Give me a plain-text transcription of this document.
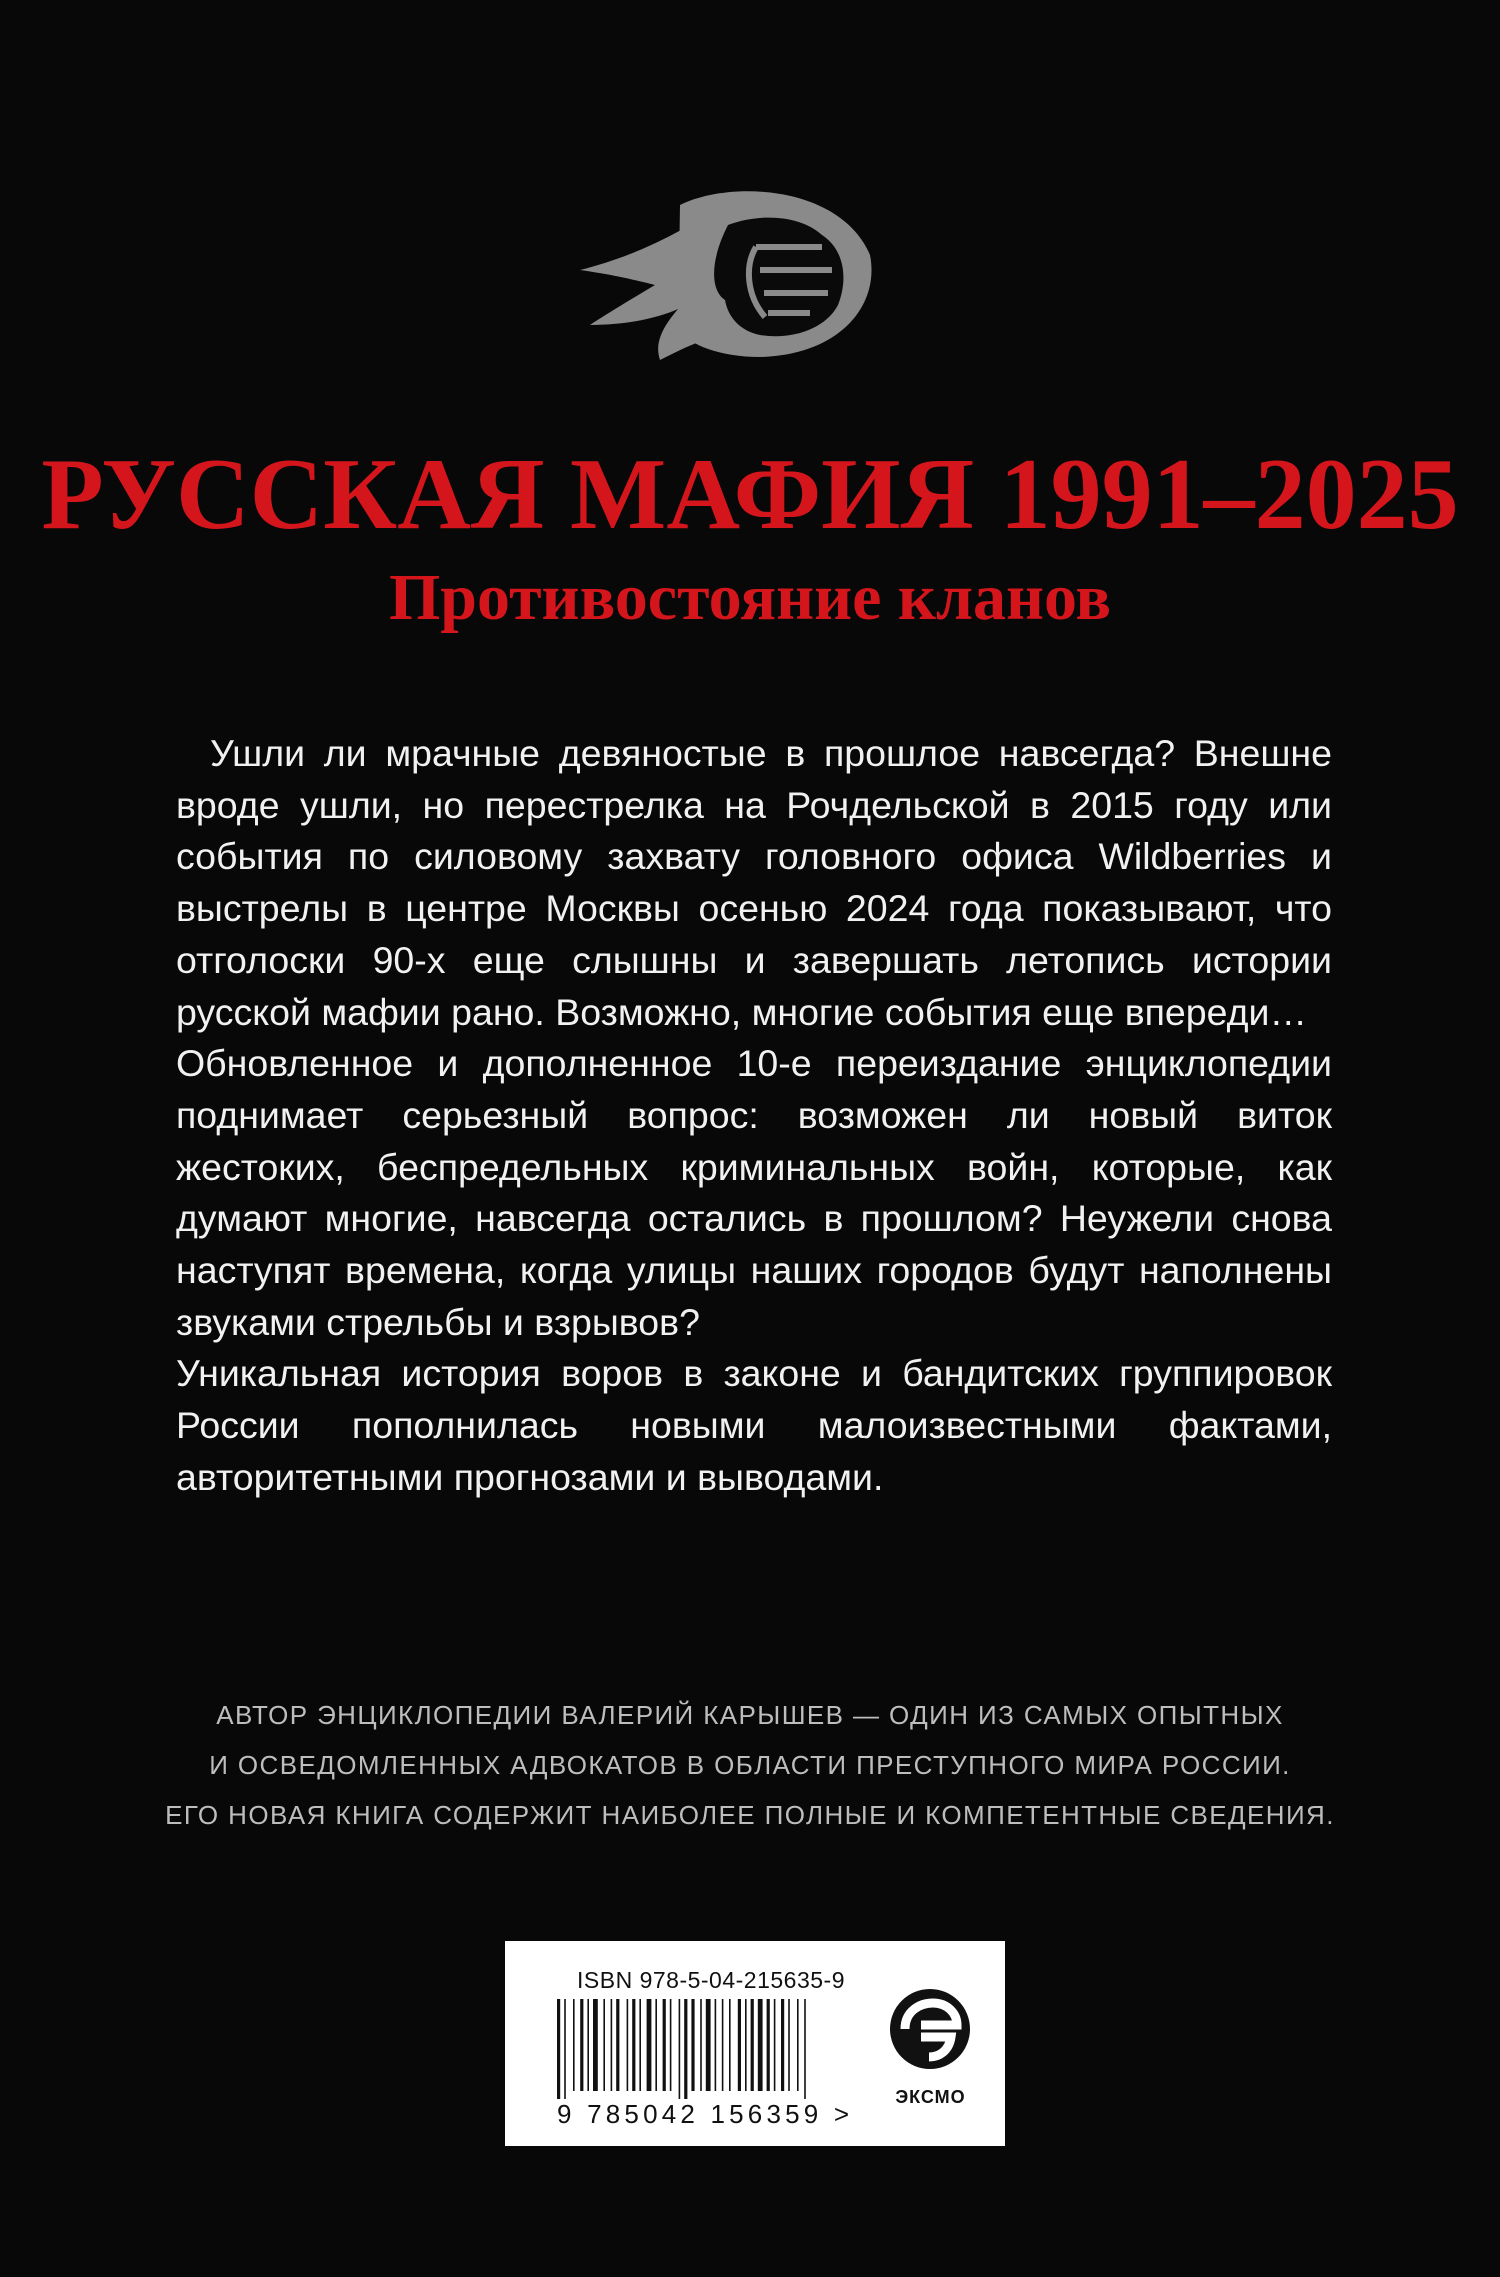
РУССКАЯ МАФИЯ 1991–2025
Противостояние кланов

Ушли ли мрачные девяностые в прошлое навсегда? Внешне вроде ушли, но перестрелка на Рочдельской в 2015 году или события по силовому захвату головного офиса Wildberries и выстрелы в центре Москвы осенью 2024 года показывают, что отголоски 90-х еще слышны и завершать летопись истории русской мафии рано. Возможно, многие события еще впереди…

Обновленное и дополненное 10-е переиздание энциклопедии поднимает серьезный вопрос: возможен ли новый виток жестоких, беспредельных криминальных войн, которые, как думают многие, навсегда остались в прошлом? Неужели снова наступят времена, когда улицы наших городов будут наполнены звуками стрельбы и взрывов?

Уникальная история воров в законе и бандитских группировок России пополнилась новыми малоизвестными фактами, авторитетными прогнозами и выводами.

АВТОР ЭНЦИКЛОПЕДИИ ВАЛЕРИЙ КАРЫШЕВ — ОДИН ИЗ САМЫХ ОПЫТНЫХ
И ОСВЕДОМЛЕННЫХ АДВОКАТОВ В ОБЛАСТИ ПРЕСТУПНОГО МИРА РОССИИ.
ЕГО НОВАЯ КНИГА СОДЕРЖИТ НАИБОЛЕЕ ПОЛНЫЕ И КОМПЕТЕНТНЫЕ СВЕДЕНИЯ.
ISBN 978-5-04-215635-9
9 785042 156359 >
ЭКСМО
